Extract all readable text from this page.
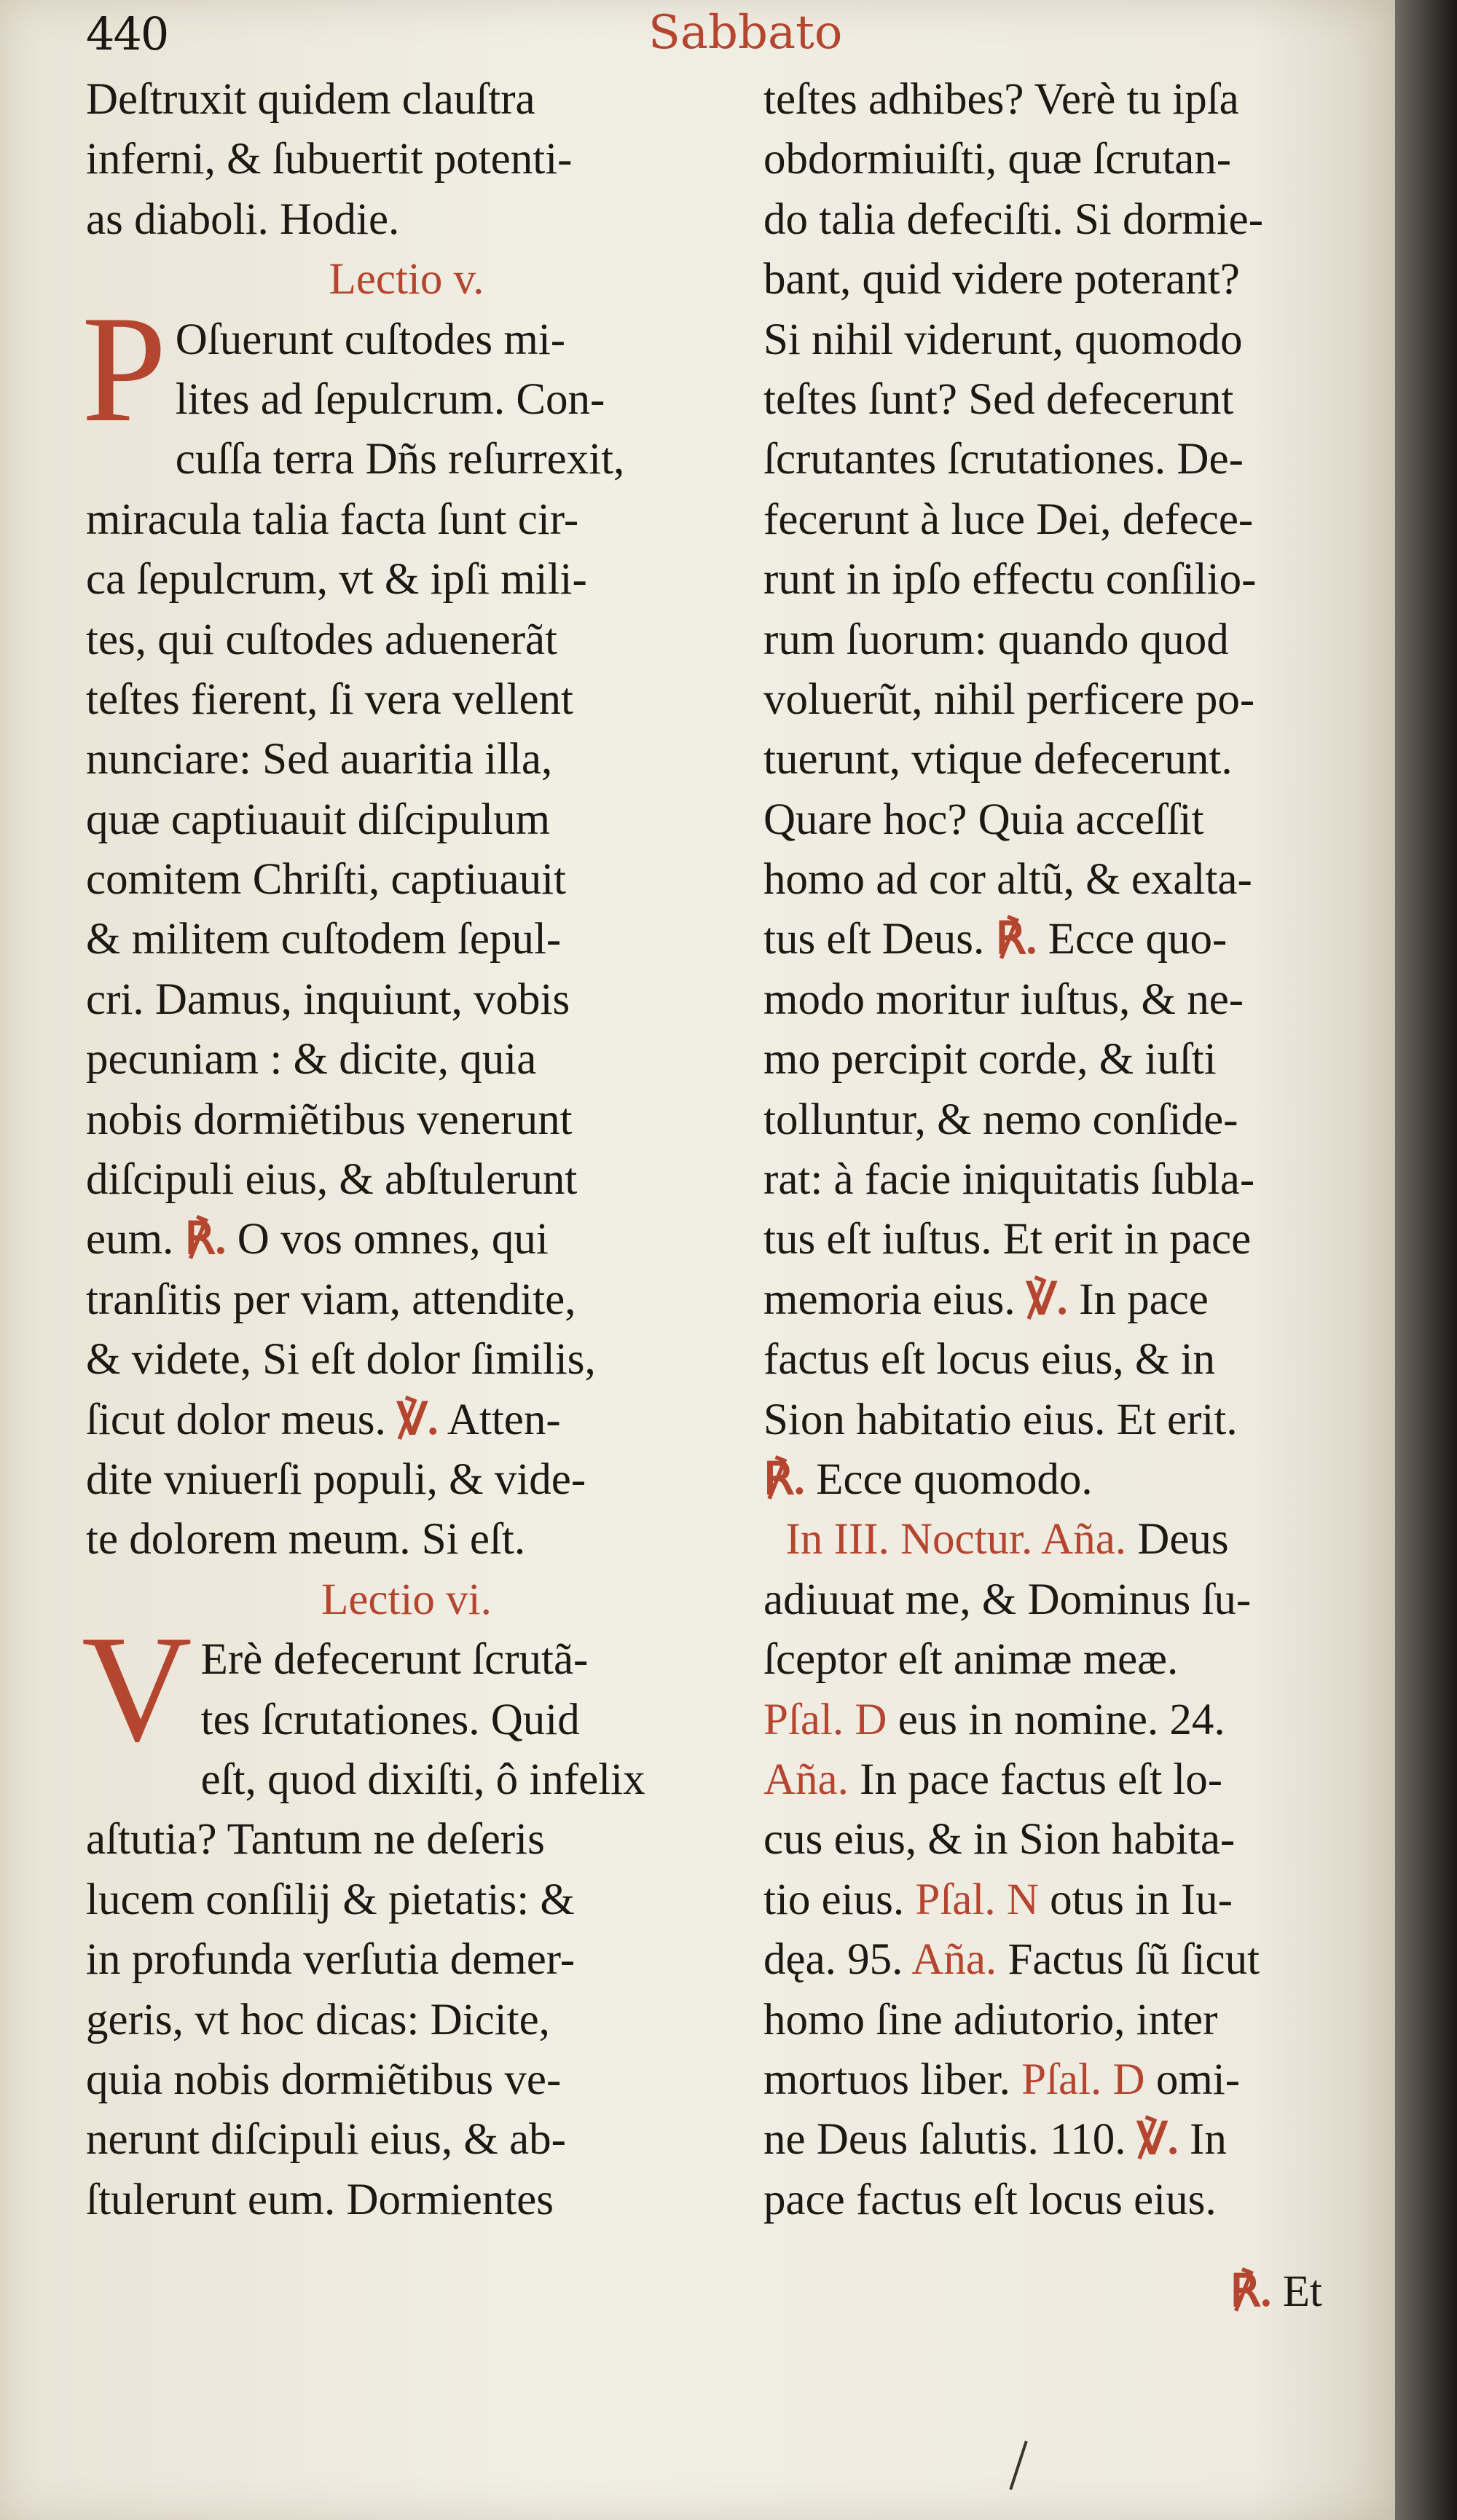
440	Sabbato
Deſtruxit quidem clauſtra
inferni, & ſubuertit potenti-
as diaboli. Hodie.
Lectio v.
P Oſuerunt cuſtodes mi-
lites ad ſepulcrum. Con-
cuſſa terra Dñs reſurrexit,
miracula talia facta ſunt cir-
ca ſepulcrum, vt & ipſi mili-
tes, qui cuſtodes aduenerãt
teſtes fierent, ſi vera vellent
nunciare: Sed auaritia illa,
quæ captiuauit diſcipulum
comitem Chriſti, captiuauit
& militem cuſtodem ſepul-
cri. Damus, inquiunt, vobis
pecuniam : & dicite, quia
nobis dormiẽtibus venerunt
diſcipuli eius, & abſtulerunt
eum. ℟. O vos omnes, qui
tranſitis per viam, attendite,
& videte, Si eſt dolor ſimilis,
ſicut dolor meus. ℣. Atten-
dite vniuerſi populi, & vide-
te dolorem meum. Si eſt.
Lectio vi.
V Erè defecerunt ſcrutã-
tes ſcrutationes. Quid
eſt, quod dixiſti, ô infelix
aſtutia? Tantum ne deſeris
lucem conſilij & pietatis: &
in profunda verſutia demer-
geris, vt hoc dicas: Dicite,
quia nobis dormiẽtibus ve-
nerunt diſcipuli eius, & ab-
ſtulerunt eum. Dormientes
teſtes adhibes? Verè tu ipſa
obdormiuiſti, quæ ſcrutan-
do talia defeciſti. Si dormie-
bant, quid videre poterant?
Si nihil viderunt, quomodo
teſtes ſunt? Sed defecerunt
ſcrutantes ſcrutationes. De-
fecerunt à luce Dei, defece-
runt in ipſo effectu conſilio-
rum ſuorum: quando quod
voluerũt, nihil perficere po-
tuerunt, vtique defecerunt.
Quare hoc? Quia acceſſit
homo ad cor altũ, & exalta-
tus eſt Deus. ℟. Ecce quo-
modo moritur iuſtus, & ne-
mo percipit corde, & iuſti
tolluntur, & nemo conſide-
rat: à facie iniquitatis ſubla-
tus eſt iuſtus. Et erit in pace
memoria eius. ℣. In pace
factus eſt locus eius, & in
Sion habitatio eius. Et erit.
℟. Ecce quomodo.
In III. Noctur. Aña. Deus
adiuuat me, & Dominus ſu-
ſceptor eſt animæ meæ.
Pſal. D eus in nomine. 24.
Aña. In pace factus eſt lo-
cus eius, & in Sion habita-
tio eius. Pſal. N otus in Iu-
dęa. 95. Aña. Factus ſũ ſicut
homo ſine adiutorio, inter
mortuos liber. Pſal. D omi-
ne Deus ſalutis. 110. ℣. In
pace factus eſt locus eius.
℟. Et
